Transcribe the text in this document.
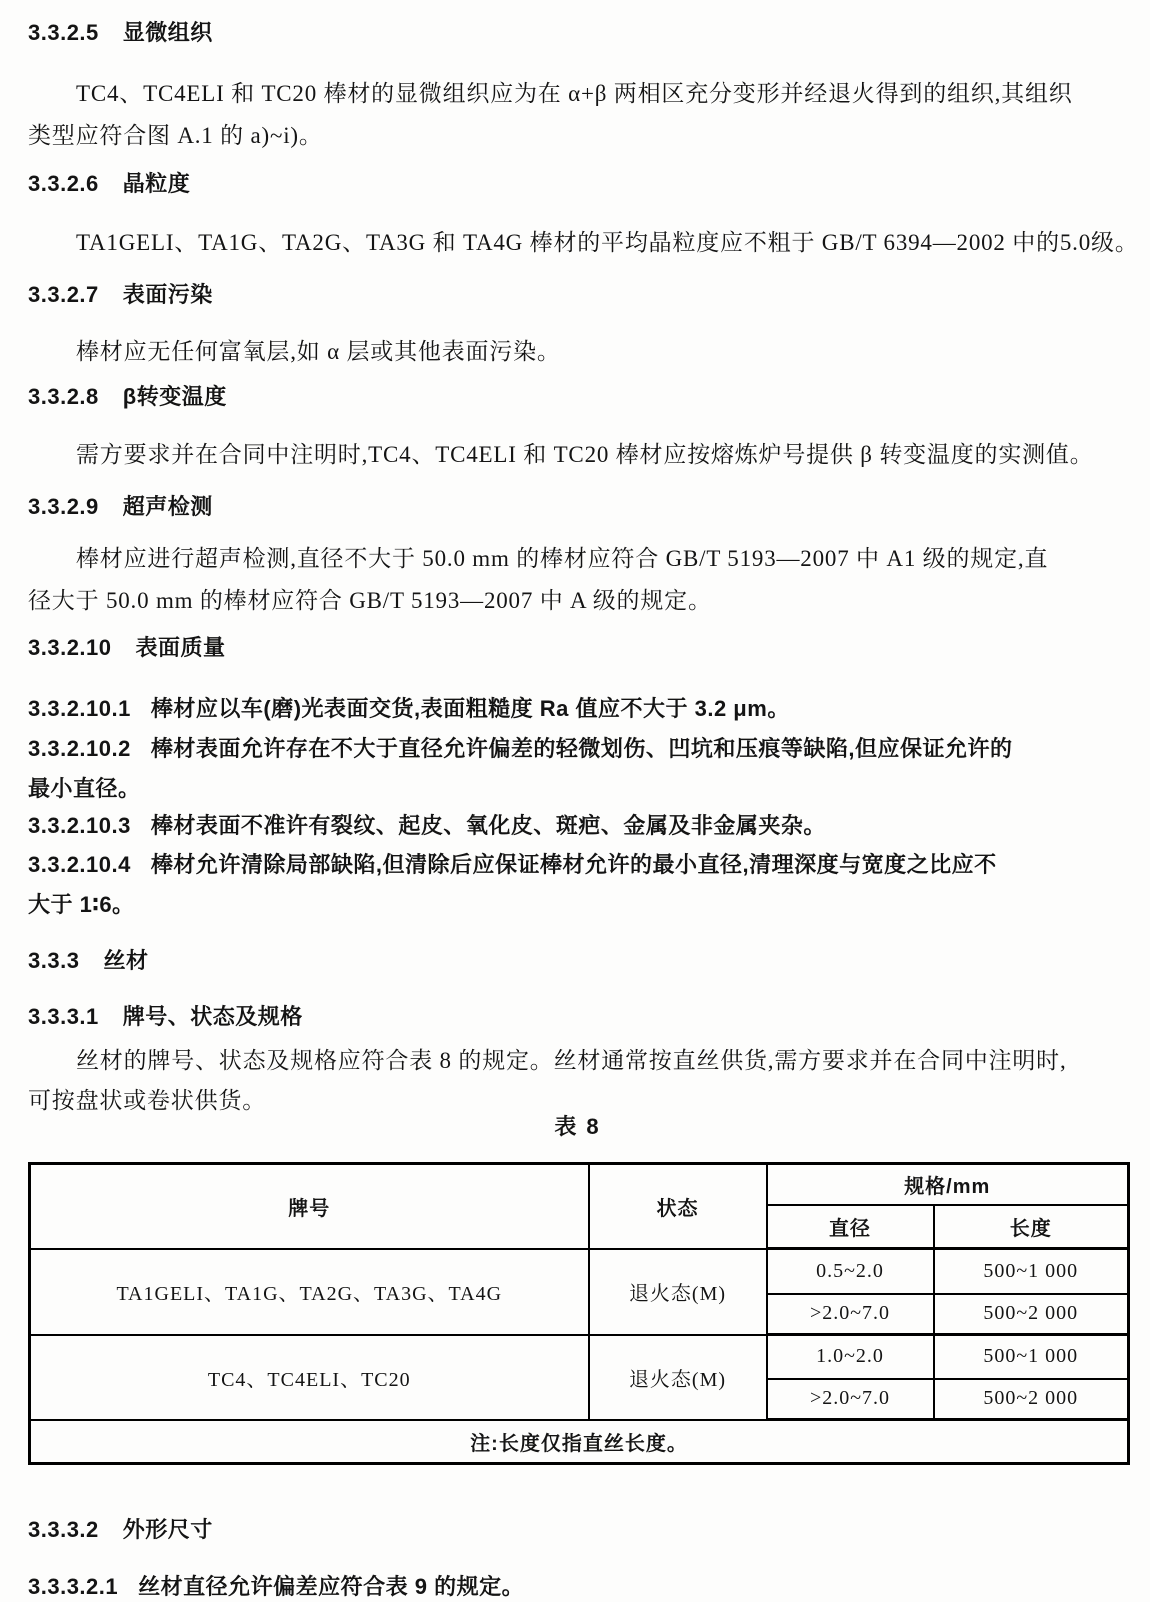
3.3.2.5 显微组织
TC4、TC4ELI 和 TC20 棒材的显微组织应为在 α+β 两相区充分变形并经退火得到的组织,其组织
类型应符合图 A.1 的 a)~i)。
3.3.2.6 晶粒度
TA1GELI、TA1G、TA2G、TA3G 和 TA4G 棒材的平均晶粒度应不粗于 GB/T 6394—2002 中的5.0级。
3.3.2.7 表面污染
棒材应无任何富氧层,如 α 层或其他表面污染。
3.3.2.8 β转变温度
需方要求并在合同中注明时,TC4、TC4ELI 和 TC20 棒材应按熔炼炉号提供 β 转变温度的实测值。
3.3.2.9 超声检测
棒材应进行超声检测,直径不大于 50.0 mm 的棒材应符合 GB/T 5193—2007 中 A1 级的规定,直
径大于 50.0 mm 的棒材应符合 GB/T 5193—2007 中 A 级的规定。
3.3.2.10 表面质量
3.3.2.10.1 棒材应以车(磨)光表面交货,表面粗糙度 Ra 值应不大于 3.2 μm。
3.3.2.10.2 棒材表面允许存在不大于直径允许偏差的轻微划伤、凹坑和压痕等缺陷,但应保证允许的
最小直径。
3.3.2.10.3 棒材表面不准许有裂纹、起皮、氧化皮、斑疤、金属及非金属夹杂。
3.3.2.10.4 棒材允许清除局部缺陷,但清除后应保证棒材允许的最小直径,清理深度与宽度之比应不
大于 1∶6。
3.3.3 丝材
3.3.3.1 牌号、状态及规格
丝材的牌号、状态及规格应符合表 8 的规定。丝材通常按直丝供货,需方要求并在合同中注明时,
可按盘状或卷状供货。
表 8
牌号	状态	规格/mm	
		直径	长度
TA1GELI、TA1G、TA2G、TA3G、TA4G	退火态(M)	0.5~2.0	500~1 000
		>2.0~7.0	500~2 000
TC4、TC4ELI、TC20	退火态(M)	1.0~2.0	500~1 000
		>2.0~7.0	500~2 000
注:长度仅指直丝长度。			
3.3.3.2 外形尺寸
3.3.3.2.1 丝材直径允许偏差应符合表 9 的规定。
